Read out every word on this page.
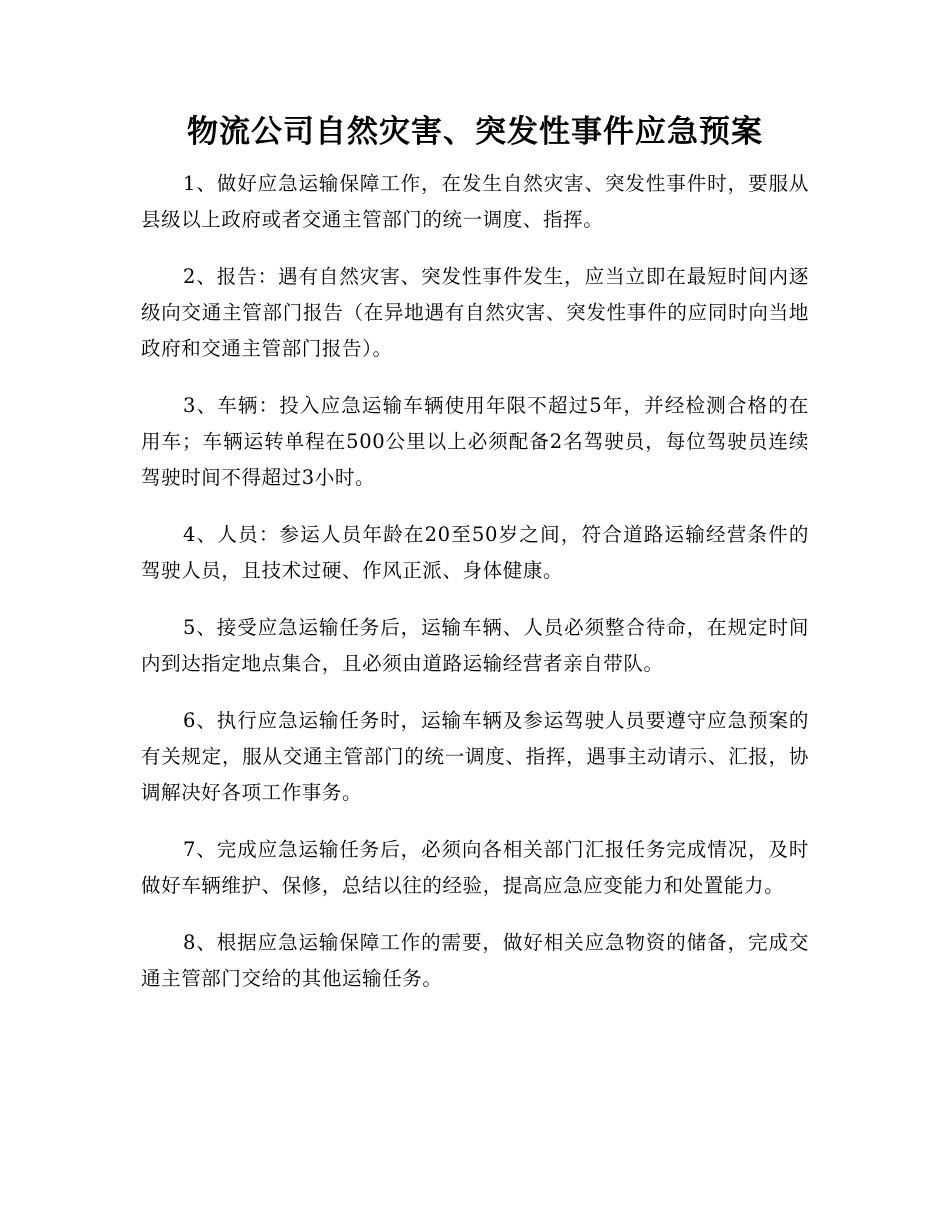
物流公司自然灾害、突发性事件应急预案

1、做好应急运输保障工作，在发生自然灾害、突发性事件时，要服从县级以上政府或者交通主管部门的统一调度、指挥。

2、报告：遇有自然灾害、突发性事件发生，应当立即在最短时间内逐级向交通主管部门报告（在异地遇有自然灾害、突发性事件的应同时向当地政府和交通主管部门报告）。

3、车辆：投入应急运输车辆使用年限不超过5年，并经检测合格的在用车；车辆运转单程在500公里以上必须配备2名驾驶员，每位驾驶员连续驾驶时间不得超过3小时。

4、人员：参运人员年龄在20至50岁之间，符合道路运输经营条件的驾驶人员，且技术过硬、作风正派、身体健康。

5、接受应急运输任务后，运输车辆、人员必须整合待命，在规定时间内到达指定地点集合，且必须由道路运输经营者亲自带队。

6、执行应急运输任务时，运输车辆及参运驾驶人员要遵守应急预案的有关规定，服从交通主管部门的统一调度、指挥，遇事主动请示、汇报，协调解决好各项工作事务。

7、完成应急运输任务后，必须向各相关部门汇报任务完成情况，及时做好车辆维护、保修，总结以往的经验，提高应急应变能力和处置能力。

8、根据应急运输保障工作的需要，做好相关应急物资的储备，完成交通主管部门交给的其他运输任务。
